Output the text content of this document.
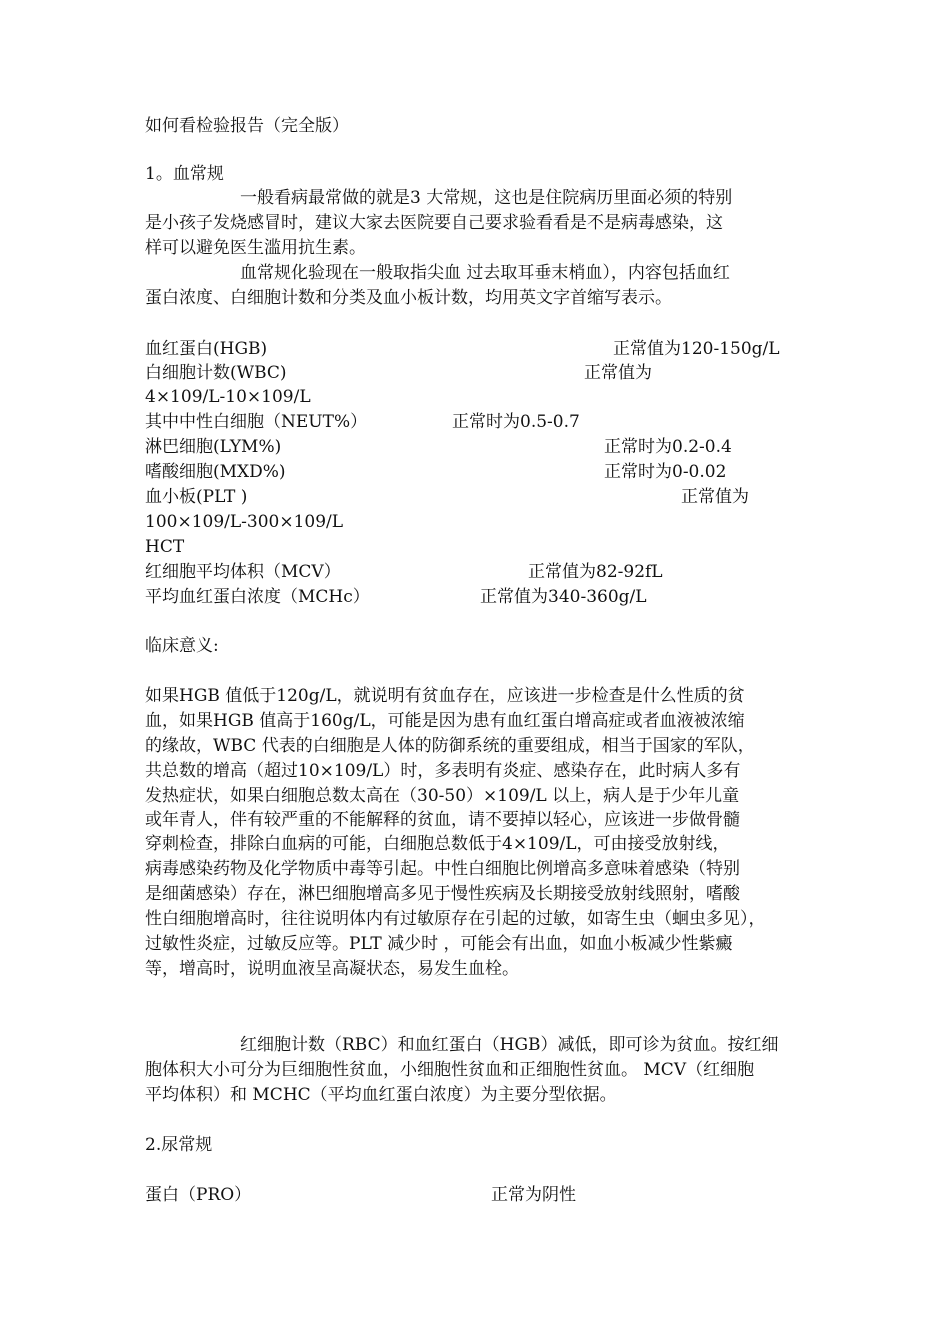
如何看检验报告（完全版）
1。血常规
一般看病最常做的就是3 大常规，这也是住院病历里面必须的特别
是小孩子发烧感冒时，建议大家去医院要自己要求验看看是不是病毒感染，这
样可以避免医生滥用抗生素。
血常规化验现在一般取指尖血 过去取耳垂末梢血），内容包括血红
蛋白浓度、白细胞计数和分类及血小板计数，均用英文字首缩写表示。
血红蛋白(HGB)	正常值为120-150g/L
白细胞计数(WBC)	正常值为
4×109/L-10×109/L
其中中性白细胞（NEUT%）	正常时为0.5-0.7
淋巴细胞(LYM%)	正常时为0.2-0.4
嗜酸细胞(MXD%)	正常时为0-0.02
血小板(PLT )	正常值为
100×109/L-300×109/L
HCT
红细胞平均体积（MCV）	正常值为82-92fL
平均血红蛋白浓度（MCHc）	正常值为340-360g/L
临床意义:
如果HGB 值低于120g/L，就说明有贫血存在，应该进一步检查是什么性质的贫
血，如果HGB 值高于160g/L，可能是因为患有血红蛋白增高症或者血液被浓缩
的缘故，WBC 代表的白细胞是人体的防御系统的重要组成，相当于国家的军队，
共总数的增高（超过10×109/L）时，多表明有炎症、感染存在，此时病人多有
发热症状，如果白细胞总数太高在（30-50）×109/L 以上，病人是于少年儿童
或年青人，伴有较严重的不能解释的贫血，请不要掉以轻心，应该进一步做骨髓
穿刺检查，排除白血病的可能，白细胞总数低于4×109/L，可由接受放射线，
病毒感染药物及化学物质中毒等引起。中性白细胞比例增高多意味着感染（特别
是细菌感染）存在，淋巴细胞增高多见于慢性疾病及长期接受放射线照射，嗜酸
性白细胞增高时，往往说明体内有过敏原存在引起的过敏，如寄生虫（蛔虫多见），
过敏性炎症，过敏反应等。PLT 减少时 ，可能会有出血，如血小板减少性紫癜
等，增高时，说明血液呈高凝状态，易发生血栓。
红细胞计数（RBC）和血红蛋白（HGB）减低，即可诊为贫血。按红细
胞体积大小可分为巨细胞性贫血，小细胞性贫血和正细胞性贫血。 MCV（红细胞
平均体积）和 MCHC（平均血红蛋白浓度）为主要分型依据。
2.尿常规
蛋白（PRO）	正常为阴性
